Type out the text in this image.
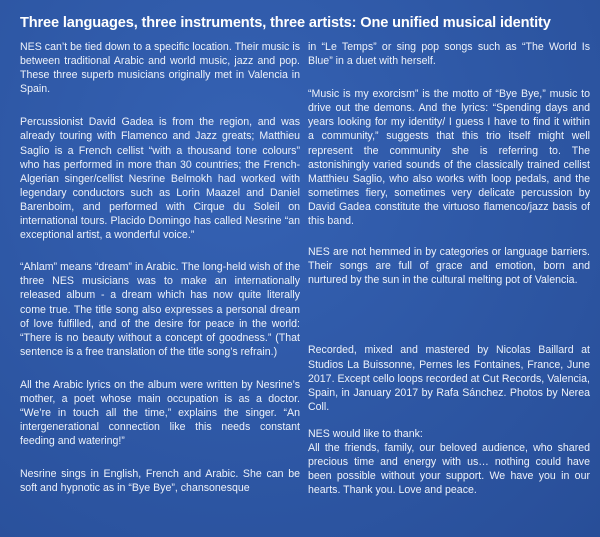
Three languages, three instruments, three artists: One unified musical identity

NES can’t be tied down to a specific location. Their music is between traditional Arabic and world music, jazz and pop. These three superb musicians originally met in Valencia in Spain.

Percussionist David Gadea is from the region, and was already touring with Flamenco and Jazz greats; Matthieu Saglio is a French cellist “with a thousand tone colours” who has performed in more than 30 countries; the French-Algerian singer/cellist Nesrine Belmokh had worked with legendary conductors such as Lorin Maazel and Daniel Barenboim, and performed with Cirque du Soleil on international tours. Placido Domingo has called Nesrine “an exceptional artist, a wonderful voice.”

“Ahlam” means “dream” in Arabic. The long-held wish of the three NES musicians was to make an internationally released album - a dream which has now quite literally come true. The title song also expresses a personal dream of love fulfilled, and of the desire for peace in the world: “There is no beauty without a concept of goodness.” (That sentence is a free translation of the title song’s refrain.)

All the Arabic lyrics on the album were written by Nesrine’s mother, a poet whose main occupation is as a doctor. “We’re in touch all the time,” explains the singer. “An intergenerational connection like this needs constant feeding and watering!”

Nesrine sings in English, French and Arabic. She can be soft and hypnotic as in “Bye Bye”, chansonesque

in “Le Temps” or sing pop songs such as “The World Is Blue” in a duet with herself.

“Music is my exorcism” is the motto of “Bye Bye,” music to drive out the demons. And the lyrics: “Spending days and years looking for my identity/ I guess I have to find it within a community,” suggests that this trio itself might well represent the community she is referring to. The astonishingly varied sounds of the classically trained cellist Matthieu Saglio, who also works with loop pedals, and the sometimes fiery, sometimes very delicate percussion by David Gadea constitute the virtuoso flamenco/jazz basis of this band.

NES are not hemmed in by categories or language barriers. Their songs are full of grace and emotion, born and nurtured by the sun in the cultural melting pot of Valencia.

Recorded, mixed and mastered by Nicolas Baillard at Studios La Buissonne, Pernes les Fontaines, France, June 2017. Except cello loops recorded at Cut Records, Valencia, Spain, in January 2017 by Rafa Sánchez. Photos by Nerea Coll.

NES would like to thank:
All the friends, family, our beloved audience, who shared precious time and energy with us… nothing could have been possible without your support. We have you in our hearts. Thank you. Love and peace.
